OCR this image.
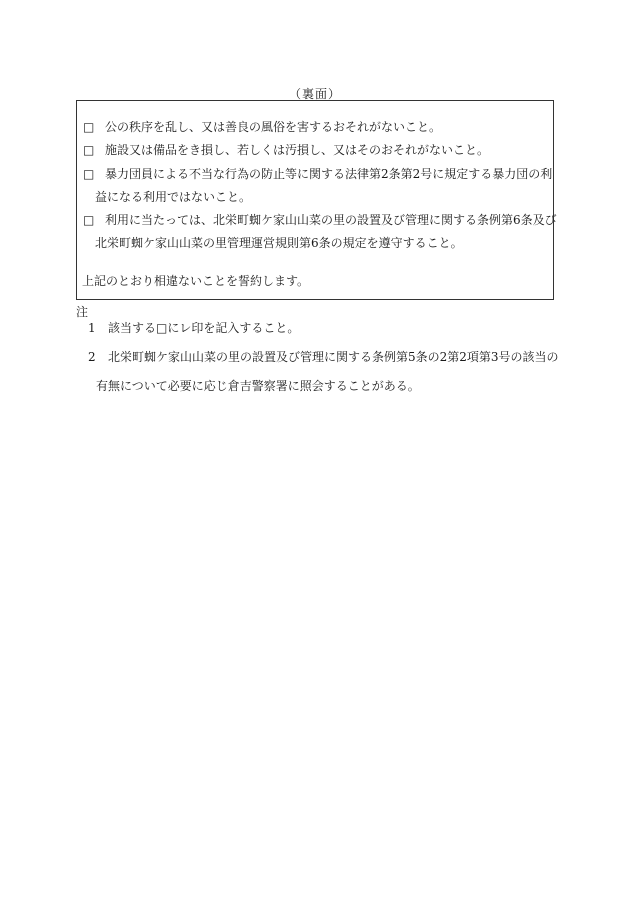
（裏面）
□ 公の秩序を乱し、又は善良の風俗を害するおそれがないこと。
□ 施設又は備品をき損し、若しくは汚損し、又はそのおそれがないこと。
□ 暴力団員による不当な行為の防止等に関する法律第2条第2号に規定する暴力団の利
益になる利用ではないこと。
□ 利用に当たっては、北栄町蜘ケ家山山菜の里の設置及び管理に関する条例第6条及び
北栄町蜘ケ家山山菜の里管理運営規則第6条の規定を遵守すること。
上記のとおり相違ないことを誓約します。
注
1 該当する□にレ印を記入すること。
2 北栄町蜘ケ家山山菜の里の設置及び管理に関する条例第5条の2第2項第3号の該当の
有無について必要に応じ倉吉警察署に照会することがある。
